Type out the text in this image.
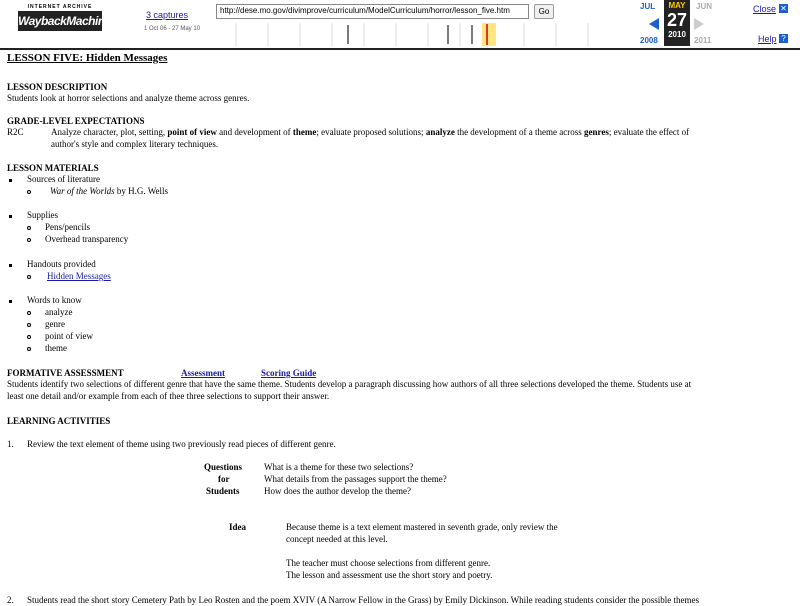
INTERNET ARCHIVE
WaybackMachine	3 captures
1 Oct 06 - 27 May 10
http://dese.mo.gov/divimprove/curriculum/ModelCurriculum/horror/lesson_five.htm	Go
JUL	MAY
27
2010
JUN
2008	2011
Close ✕
Help ?
LESSON FIVE: Hidden Messages
LESSON DESCRIPTION
Students look at horror selections and analyze theme across genres.
GRADE-LEVEL EXPECTATIONS
R2C	Analyze character, plot, setting, point of view and development of theme; evaluate proposed solutions; analyze the development of a theme across genres; evaluate the effect of
author's style and complex literary techniques.
LESSON MATERIALS
Sources of literature
War of the Worlds by H.G. Wells
Supplies
Pens/pencils
Overhead transparency
Handouts provided
Hidden Messages
Words to know
analyze
genre
point of view
theme
FORMATIVE ASSESSMENT	Assessment	Scoring Guide
Students identify two selections of different genre that have the same theme. Students develop a paragraph discussing how authors of all three selections developed the theme. Students use at
least one detail and/or example from each of thee three selections to support their answer.
LEARNING ACTIVITIES
1. Review the text element of theme using two previously read pieces of different genre.
Questions
for
Students
What is a theme for these two selections?
What details from the passages support the theme?
How does the author develop the theme?
Idea	Because theme is a text element mastered in seventh grade, only review the
concept needed at this level.
The teacher must choose selections from different genre.
The lesson and assessment use the short story and poetry.
2. Students read the short story Cemetery Path by Leo Rosten and the poem XVIV (A Narrow Fellow in the Grass) by Emily Dickinson. While reading students consider the possible themes
